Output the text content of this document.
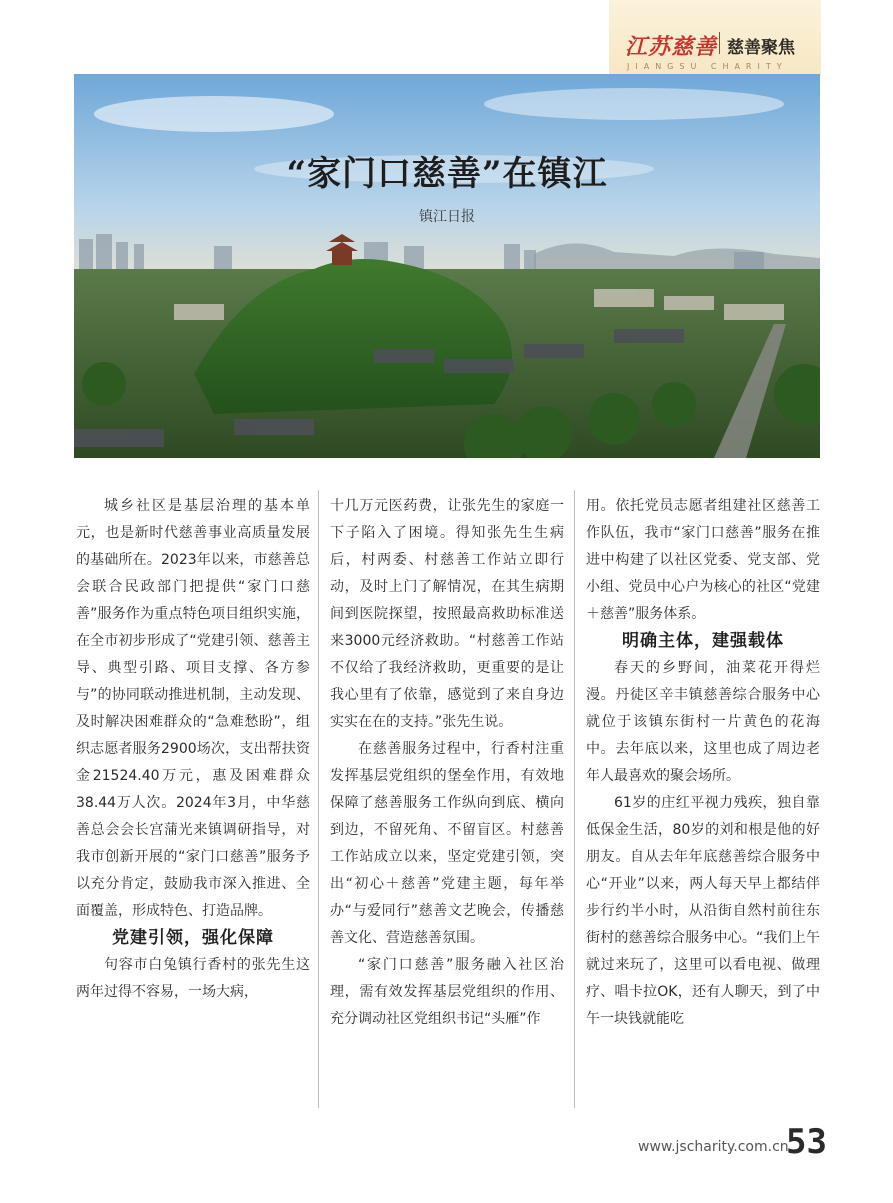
江苏慈善 慈善聚焦
JIANGSU CHARITY
“家门口慈善”在镇江
镇江日报

城乡社区是基层治理的基本单元，也是新时代慈善事业高质量发展的基础所在。2023年以来，市慈善总会联合民政部门把提供“家门口慈善”服务作为重点特色项目组织实施，在全市初步形成了“党建引领、慈善主导、典型引路、项目支撑、各方参与”的协同联动推进机制，主动发现、及时解决困难群众的“急难愁盼”，组织志愿者服务2900场次，支出帮扶资金21524.40万元，惠及困难群众38.44万人次。2024年3月，中华慈善总会会长宫蒲光来镇调研指导，对我市创新开展的“家门口慈善”服务予以充分肯定，鼓励我市深入推进、全面覆盖，形成特色、打造品牌。

党建引领，强化保障

句容市白兔镇行香村的张先生这两年过得不容易，一场大病，

十几万元医药费，让张先生的家庭一下子陷入了困境。得知张先生生病后，村两委、村慈善工作站立即行动，及时上门了解情况，在其生病期间到医院探望，按照最高救助标准送来3000元经济救助。“村慈善工作站不仅给了我经济救助，更重要的是让我心里有了依靠，感觉到了来自身边实实在在的支持。”张先生说。

在慈善服务过程中，行香村注重发挥基层党组织的堡垒作用，有效地保障了慈善服务工作纵向到底、横向到边，不留死角、不留盲区。村慈善工作站成立以来，坚定党建引领，突出“初心＋慈善”党建主题，每年举办“与爱同行”慈善文艺晚会，传播慈善文化、营造慈善氛围。

“家门口慈善”服务融入社区治理，需有效发挥基层党组织的作用、充分调动社区党组织书记“头雁”作

用。依托党员志愿者组建社区慈善工作队伍，我市“家门口慈善”服务在推进中构建了以社区党委、党支部、党小组、党员中心户为核心的社区“党建＋慈善”服务体系。

明确主体，建强载体

春天的乡野间，油菜花开得烂漫。丹徒区辛丰镇慈善综合服务中心就位于该镇东街村一片黄色的花海中。去年底以来，这里也成了周边老年人最喜欢的聚会场所。

61岁的庄红平视力残疾，独自靠低保金生活，80岁的刘和根是他的好朋友。自从去年年底慈善综合服务中心“开业”以来，两人每天早上都结伴步行约半小时，从沿街自然村前往东街村的慈善综合服务中心。“我们上午就过来玩了，这里可以看电视、做理疗、唱卡拉OK，还有人聊天，到了中午一块钱就能吃

www.jscharity.com.cn
53
